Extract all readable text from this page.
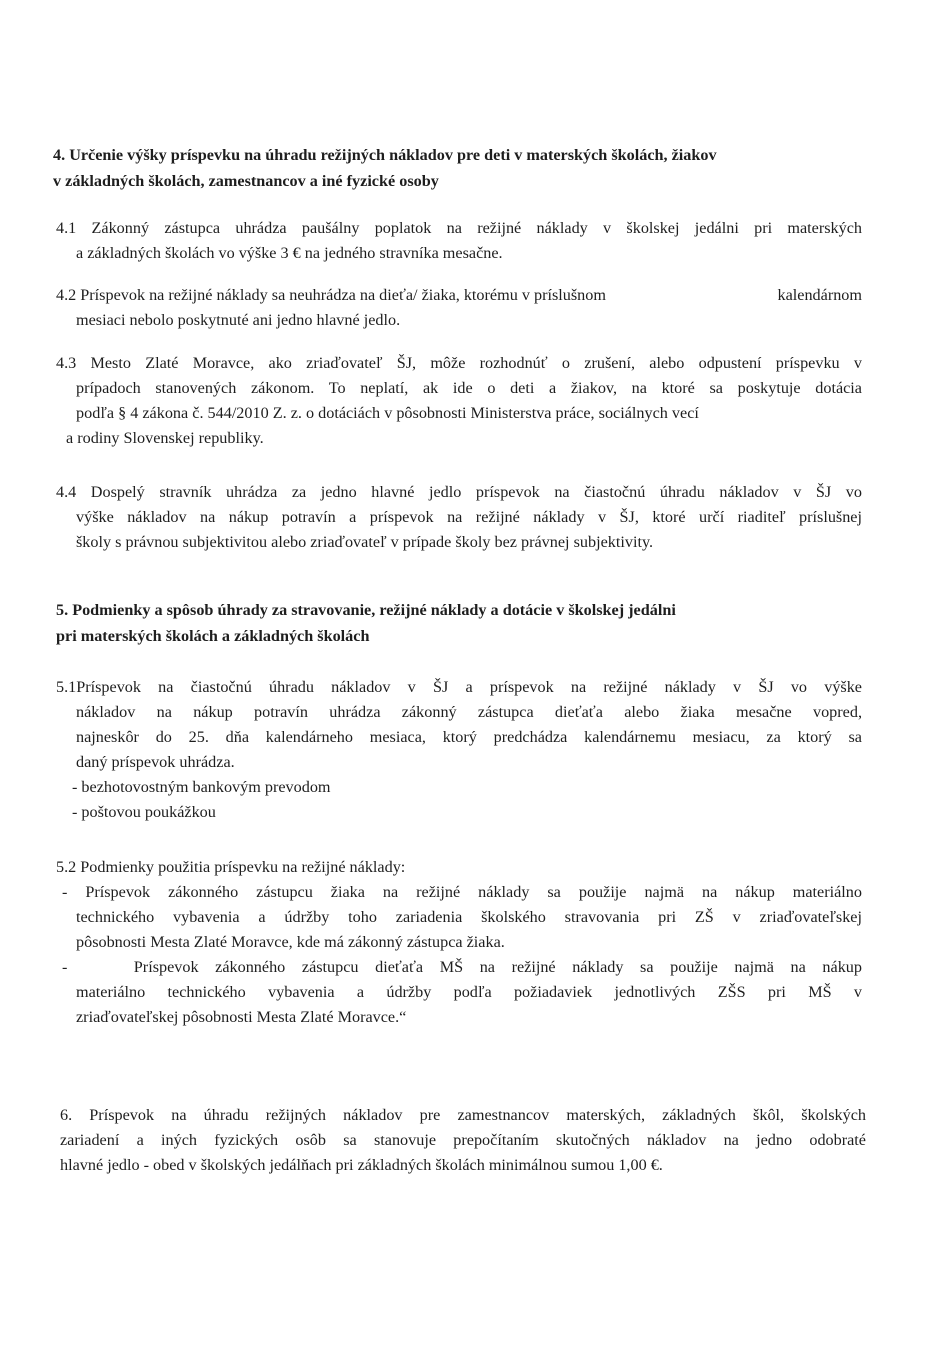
4. Určenie výšky príspevku na úhradu režijných nákladov pre deti v materských školách, žiakov
v základných školách, zamestnancov a iné fyzické osoby
4.1 Zákonný zástupca uhrádza paušálny poplatok na režijné náklady v školskej jedálni pri materských
a základných školách vo výške 3 € na jedného stravníka mesačne.
4.2 Príspevok na režijné náklady sa neuhrádza na dieťa/ žiaka, ktorému v príslušnom	kalendárnom
mesiaci nebolo poskytnuté ani jedno hlavné jedlo.
4.3 Mesto Zlaté Moravce, ako zriaďovateľ ŠJ, môže rozhodnúť o zrušení, alebo odpustení príspevku v
prípadoch stanovených zákonom. To neplatí, ak ide o deti a žiakov, na ktoré sa poskytuje dotácia
podľa § 4 zákona č. 544/2010 Z. z. o dotáciách v pôsobnosti Ministerstva práce, sociálnych vecí
a rodiny Slovenskej republiky.
4.4 Dospelý stravník uhrádza za jedno hlavné jedlo príspevok na čiastočnú úhradu nákladov v ŠJ vo
výške nákladov na nákup potravín a príspevok na režijné náklady v ŠJ, ktoré určí riaditeľ príslušnej
školy s právnou subjektivitou alebo zriaďovateľ v prípade školy bez právnej subjektivity.
5. Podmienky a spôsob úhrady za stravovanie, režijné náklady a dotácie v školskej jedálni
pri materských školách a základných školách
5.1Príspevok na čiastočnú úhradu nákladov v ŠJ a príspevok na režijné náklady v ŠJ vo výške
nákladov na nákup potravín uhrádza zákonný zástupca dieťaťa alebo žiaka mesačne vopred,
najneskôr do 25. dňa kalendárneho mesiaca, ktorý predchádza kalendárnemu mesiacu, za ktorý sa
daný príspevok uhrádza.
- bezhotovostným bankovým prevodom
- poštovou poukážkou
5.2 Podmienky použitia príspevku na režijné náklady:
- Príspevok zákonného zástupcu žiaka na režijné náklady sa použije najmä na nákup materiálno
technického vybavenia a údržby toho zariadenia školského stravovania pri ZŠ v zriaďovateľskej
pôsobnosti Mesta Zlaté Moravce, kde má zákonný zástupca žiaka.
-    Príspevok zákonného zástupcu dieťaťa MŠ na režijné náklady sa použije najmä na nákup
materiálno technického vybavenia a údržby podľa požiadaviek jednotlivých ZŠS pri MŠ v
zriaďovateľskej pôsobnosti Mesta Zlaté Moravce.“
6. Príspevok na úhradu režijných nákladov pre zamestnancov materských, základných škôl, školských
zariadení a iných fyzických osôb sa stanovuje prepočítaním skutočných nákladov na jedno odobraté
hlavné jedlo - obed v školských jedálňach pri základných školách minimálnou sumou 1,00 €.
